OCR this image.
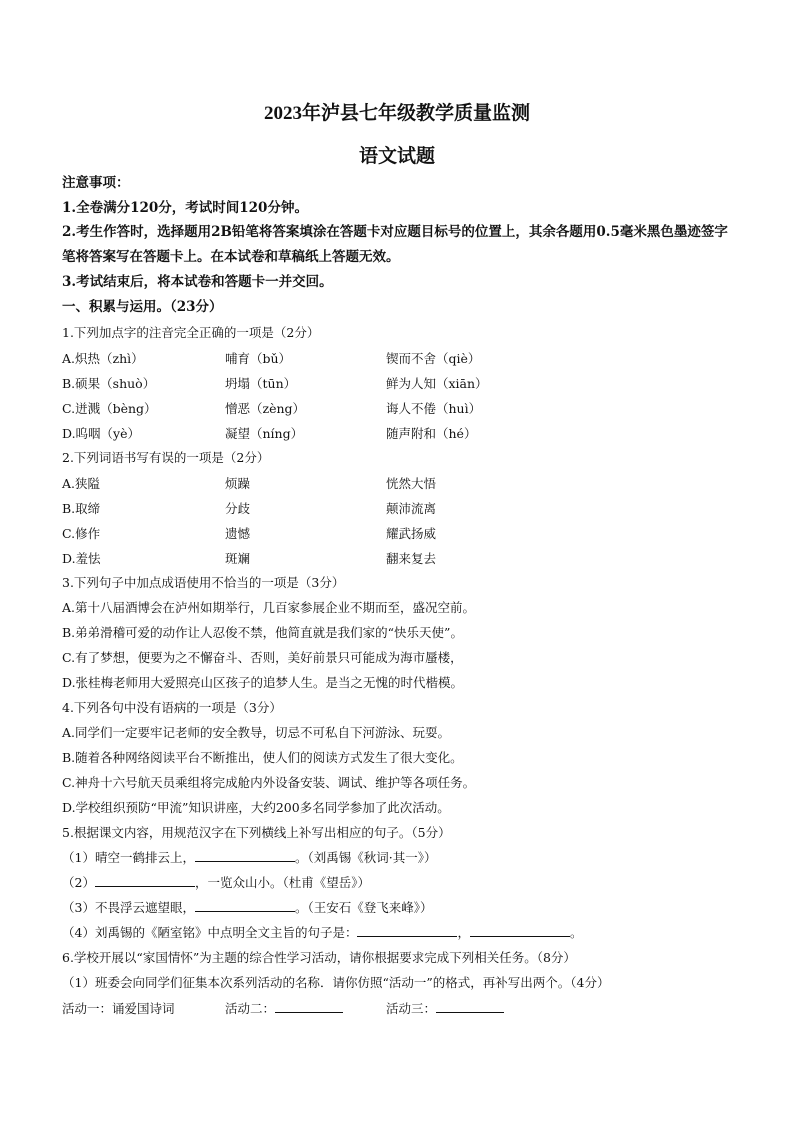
2023年泸县七年级教学质量监测
语文试题
注意事项：
1.全卷满分120分，考试时间120分钟。
2.考生作答时，选择题用2B铅笔将答案填涂在答题卡对应题目标号的位置上，其余各题用0.5毫米黑色墨迹签字笔将答案写在答题卡上。在本试卷和草稿纸上答题无效。
3.考试结束后，将本试卷和答题卡一并交回。
一、积累与运用。（23分）
1.下列加点字的注音完全正确的一项是（2分）
A.炽热（zhì）	哺育（bǔ）	锲而不舍（qiè）
B.硕果（shuò）	坍塌（tūn）	鲜为人知（xiān）
C.迸溅（bèng）	憎恶（zèng）	诲人不倦（huì）
D.呜咽（yè）	凝望（níng）	随声附和（hé）
2.下列词语书写有误的一项是（2分）
A.狭隘	烦躁	恍然大悟
B.取缔	分歧	颠沛流离
C.修作	遗憾	耀武扬威
D.羞怯	斑斓	翻来复去
3.下列句子中加点成语使用不恰当的一项是（3分）
A.第十八届酒博会在泸州如期举行，几百家参展企业不期而至，盛况空前。
B.弟弟滑稽可爱的动作让人忍俊不禁，他简直就是我们家的“快乐天使”。
C.有了梦想，便要为之不懈奋斗、否则，美好前景只可能成为海市蜃楼，
D.张桂梅老师用大爱照亮山区孩子的追梦人生。是当之无愧的时代楷模。
4.下列各句中没有语病的一项是（3分）
A.同学们一定要牢记老师的安全教导，切忌不可私自下河游泳、玩耍。
B.随着各种网络阅读平台不断推出，使人们的阅读方式发生了很大变化。
C.神舟十六号航天员乘组将完成舱内外设备安装、调试、维护等各项任务。
D.学校组织预防“甲流”知识讲座，大约200多名同学参加了此次活动。
5.根据课文内容，用规范汉字在下列横线上补写出相应的句子。（5分）
（1）晴空一鹤排云上，	。（刘禹锡《秋词·其一》）
（2）	，一览众山小。（杜甫《望岳》）
（3）不畏浮云遮望眼，	。（王安石《登飞来峰》）
（4）刘禹锡的《陋室铭》中点明全文主旨的句子是：	，	。
6.学校开展以“家国情怀”为主题的综合性学习活动，请你根据要求完成下列相关任务。（8分）
（1）班委会向同学们征集本次系列活动的名称．请你仿照“活动一”的格式，再补写出两个。（4分）
活动一：诵爱国诗词	活动二：	活动三：
